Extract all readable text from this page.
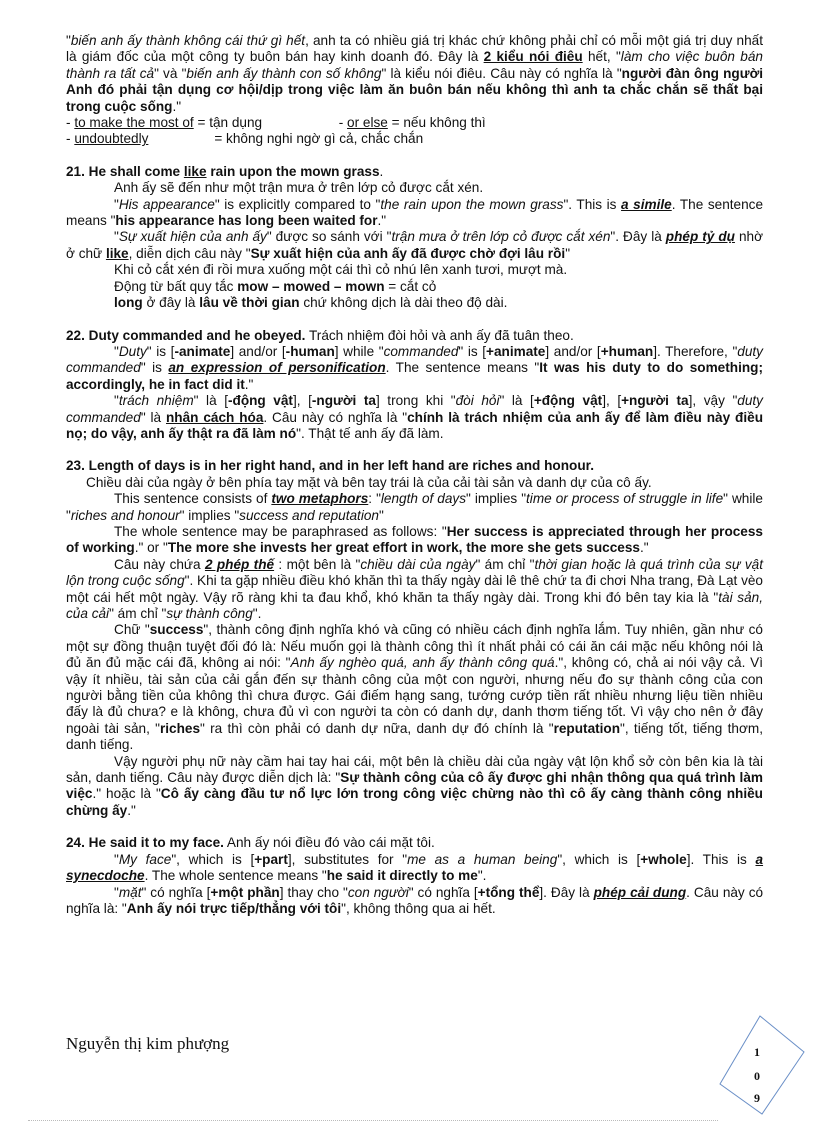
"biến anh ấy thành không cái thứ gì hết, anh ta có nhiều giá trị khác chứ không phải chỉ có mỗi một giá trị duy nhất là giám đốc của một công ty buôn bán hay kinh doanh đó. Đây là 2 kiểu nói điêu hết, "làm cho việc buôn bán thành ra tất cả" và "biến anh ấy thành con số không" là kiểu nói điêu. Câu này có nghĩa là "người đàn ông người Anh đó phải tận dụng cơ hội/dịp trong việc làm ăn buôn bán nếu không thì anh ta chắc chắn sẽ thất bại trong cuộc sống."

- to make the most of = tận dụng	- or else = nếu không thì
- undoubtedly	= không nghi ngờ gì cả, chắc chắn

21. He shall come like rain upon the mown grass.

Anh ấy sẽ đến như một trận mưa ở trên lớp cỏ được cắt xén.

"His appearance" is explicitly compared to "the rain upon the mown grass". This is a simile. The sentence means "his appearance has long been waited for."

"Sự xuất hiện của anh ấy" được so sánh với "trận mưa ở trên lớp cỏ được cắt xén". Đây là phép tỷ dụ nhờ ở chữ like, diễn dịch câu này "Sự xuất hiện của anh ấy đã được chờ đợi lâu rồi"

Khi cỏ cắt xén đi rồi mưa xuống một cái thì cỏ nhú lên xanh tươi, mượt mà.

Động từ bất quy tắc mow – mowed – mown = cắt cỏ

long ở đây là lâu về thời gian chứ không dịch là dài theo độ dài.

22. Duty commanded and he obeyed. Trách nhiệm đòi hỏi và anh ấy đã tuân theo.

"Duty" is [-animate] and/or [-human] while "commanded" is [+animate] and/or [+human]. Therefore, "duty commanded" is an expression of personification. The sentence means "It was his duty to do something; accordingly, he in fact did it."

"trách nhiệm" là [-động vật], [-người ta] trong khi "đòi hỏi" là [+động vật], [+người ta], vậy "duty commanded" là nhân cách hóa. Câu này có nghĩa là "chính là trách nhiệm của anh ấy để làm điều này điều nọ; do vậy, anh ấy thật ra đã làm nó". Thật tế anh ấy đã làm.

23. Length of days is in her right hand, and in her left hand are riches and honour.

Chiều dài của ngày ở bên phía tay mặt và bên tay trái là của cải tài sản và danh dự của cô ấy.

This sentence consists of two metaphors: "length of days" implies "time or process of struggle in life" while "riches and honour" implies "success and reputation"

The whole sentence may be paraphrased as follows: "Her success is appreciated through her process of working." or "The more she invests her great effort in work, the more she gets success."

Câu này chứa 2 phép thế : một bên là "chiều dài của ngày" ám chỉ "thời gian hoặc là quá trình của sự vật lộn trong cuộc sống". Khi ta gặp nhiều điều khó khăn thì ta thấy ngày dài lê thê chứ ta đi chơi Nha trang, Đà Lạt vèo một cái hết một ngày. Vậy rõ ràng khi ta đau khổ, khó khăn ta thấy ngày dài. Trong khi đó bên tay kia là "tài sản, của cải" ám chỉ "sự thành công".

Chữ "success", thành công định nghĩa khó và cũng có nhiều cách định nghĩa lắm. Tuy nhiên, gần như có một sự đồng thuận tuyệt đối đó là: Nếu muốn gọi là thành công thì ít nhất phải có cái ăn cái mặc nếu không nói là đủ ăn đủ mặc cái đã, không ai nói: "Anh ấy nghèo quá, anh ấy thành công quá.", không có, chả ai nói vậy cả. Vì vậy ít nhiều, tài sản của cải gắn đến sự thành công của một con người, nhưng nếu đo sự thành công của con người bằng tiền của không thì chưa được. Gái điếm hạng sang, tướng cướp tiền rất nhiều nhưng liệu tiền nhiều đấy là đủ chưa? e là không, chưa đủ vì con người ta còn có danh dự, danh thơm tiếng tốt. Vì vậy cho nên ở đây ngoài tài sản, "riches" ra thì còn phải có danh dự nữa, danh dự đó chính là "reputation", tiếng tốt, tiếng thơm, danh tiếng.

Vậy người phụ nữ này cầm hai tay hai cái, một bên là chiều dài của ngày vật lộn khổ sở còn bên kia là tài sản, danh tiếng. Câu này được diễn dịch là: "Sự thành công của cô ấy được ghi nhận thông qua quá trình làm việc." hoặc là "Cô ấy càng đầu tư nổ lực lớn trong công việc chừng nào thì cô ấy càng thành công nhiều chừng ấy."

24. He said it to my face. Anh ấy nói điều đó vào cái mặt tôi.

"My face", which is [+part], substitutes for "me as a human being", which is [+whole]. This is a synecdoche. The whole sentence means "he said it directly to me".

"mặt" có nghĩa [+một phần] thay cho "con người" có nghĩa [+tổng thể]. Đây là phép cải dung. Câu này có nghĩa là: "Anh ấy nói trực tiếp/thẳng với tôi", không thông qua ai hết.

Nguyễn thị kim phượng	1
0
9
